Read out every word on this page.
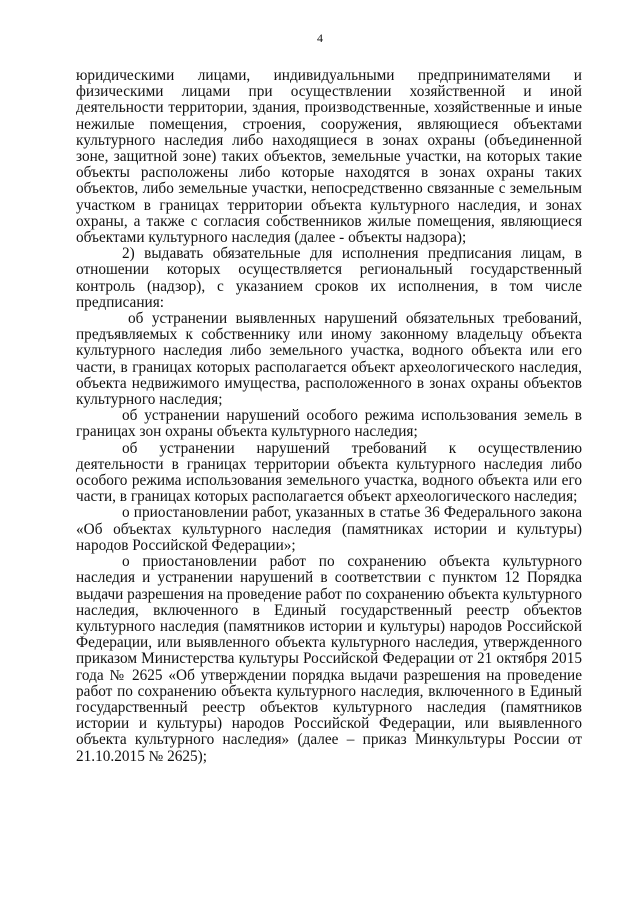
4

юридическими лицами, индивидуальными предпринимателями и физическими лицами при осуществлении хозяйственной и иной деятельности территории, здания, производственные, хозяйственные и иные нежилые помещения, строения, сооружения, являющиеся объектами культурного наследия либо находящиеся в зонах охраны (объединенной зоне, защитной зоне) таких объектов, земельные участки, на которых такие объекты расположены либо которые находятся в зонах охраны таких объектов, либо земельные участки, непосредственно связанные с земельным участком в границах территории объекта культурного наследия, и зонах охраны, а также с согласия собственников жилые помещения, являющиеся объектами культурного наследия (далее - объекты надзора);

2) выдавать обязательные для исполнения предписания лицам, в отношении которых осуществляется региональный государственный контроль (надзор), с указанием сроков их исполнения, в том числе предписания:

об устранении выявленных нарушений обязательных требований, предъявляемых к собственнику или иному законному владельцу объекта культурного наследия либо земельного участка, водного объекта или его части, в границах которых располагается объект археологического наследия, объекта недвижимого имущества, расположенного в зонах охраны объектов культурного наследия;

об устранении нарушений особого режима использования земель в границах зон охраны объекта культурного наследия;

об устранении нарушений требований к осуществлению деятельности в границах территории объекта культурного наследия либо особого режима использования земельного участка, водного объекта или его части, в границах которых располагается объект археологического наследия;

о приостановлении работ, указанных в статье 36 Федерального закона «Об объектах культурного наследия (памятниках истории и культуры) народов Российской Федерации»;

о приостановлении работ по сохранению объекта культурного наследия и устранении нарушений в соответствии с пунктом 12 Порядка выдачи разрешения на проведение работ по сохранению объекта культурного наследия, включенного в Единый государственный реестр объектов культурного наследия (памятников истории и культуры) народов Российской Федерации, или выявленного объекта культурного наследия, утвержденного приказом Министерства культуры Российской Федерации от 21 октября 2015 года № 2625 «Об утверждении порядка выдачи разрешения на проведение работ по сохранению объекта культурного наследия, включенного в Единый государственный реестр объектов культурного наследия (памятников истории и культуры) народов Российской Федерации, или выявленного объекта культурного наследия» (далее – приказ Минкультуры России от 21.10.2015 № 2625);
